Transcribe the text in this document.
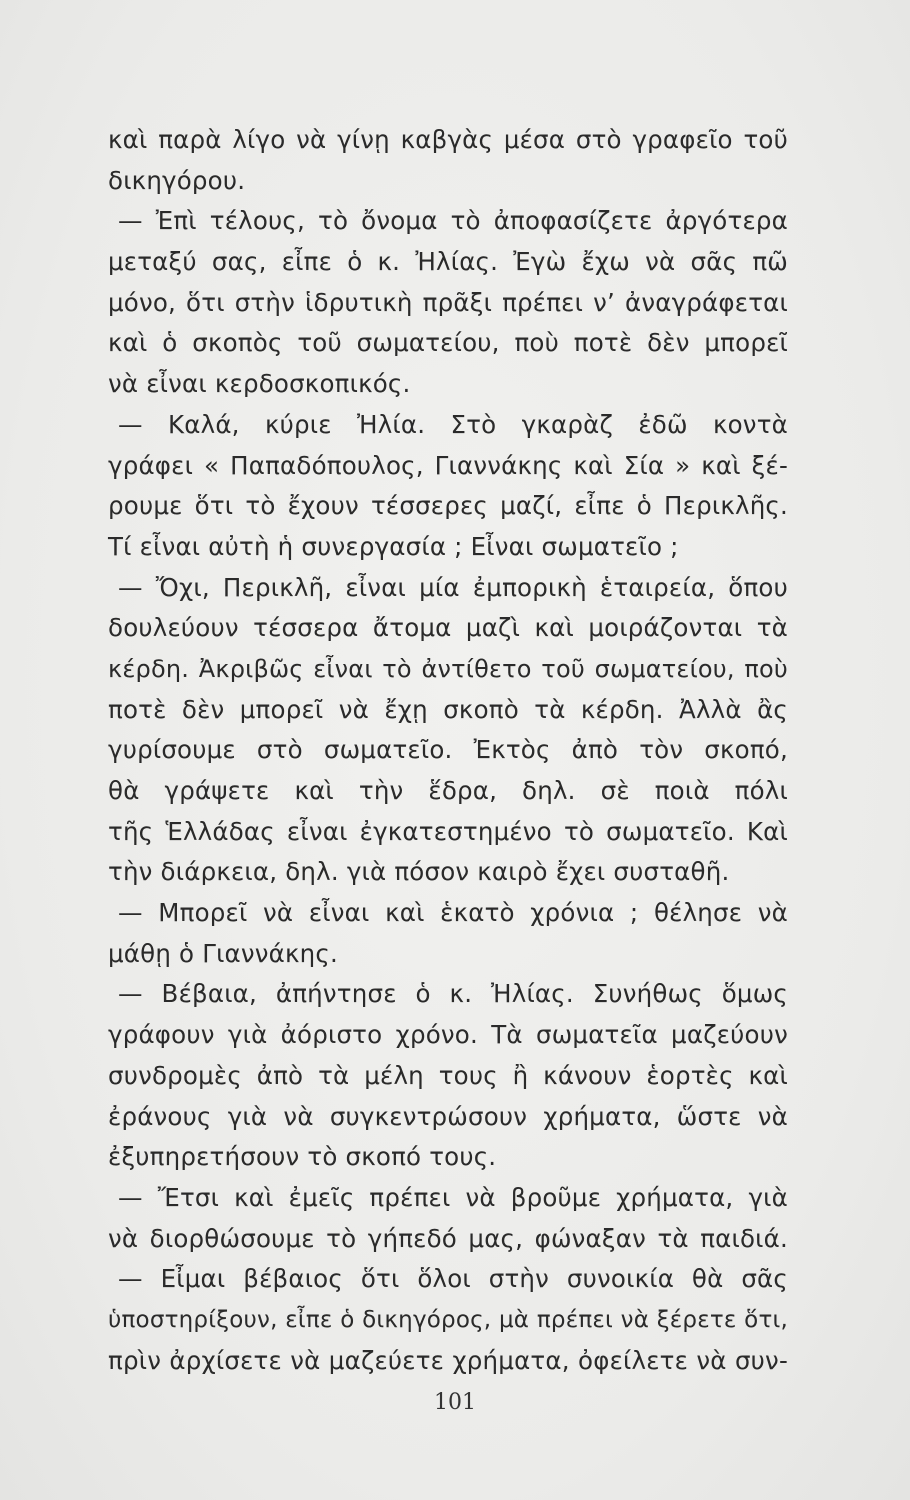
καὶ παρὰ λίγο νὰ γίνῃ καβγὰς μέσα στὸ γραφεῖο τοῦ
δικηγόρου.
— Ἐπὶ τέλους, τὸ ὄνομα τὸ ἀποφασίζετε ἀργότερα
μεταξύ σας, εἶπε ὁ κ. Ἠλίας. Ἐγὼ ἔχω νὰ σᾶς πῶ
μόνο, ὅτι στὴν ἱδρυτικὴ πρᾶξι πρέπει ν’ ἀναγράφεται
καὶ ὁ σκοπὸς τοῦ σωματείου, ποὺ ποτὲ δὲν μπορεῖ
νὰ εἶναι κερδοσκοπικός.
— Καλά, κύριε Ἠλία. Στὸ γκαρὰζ ἐδῶ κοντὰ
γράφει « Παπαδόπουλος, Γιαννάκης καὶ Σία » καὶ ξέ-
ρουμε ὅτι τὸ ἔχουν τέσσερες μαζί, εἶπε ὁ Περικλῆς.
Τί εἶναι αὐτὴ ἡ συνεργασία ; Εἶναι σωματεῖο ;
— Ὄχι, Περικλῆ, εἶναι μία ἐμπορικὴ ἑταιρεία, ὅπου
δουλεύουν τέσσερα ἄτομα μαζὶ καὶ μοιράζονται τὰ
κέρδη. Ἀκριβῶς εἶναι τὸ ἀντίθετο τοῦ σωματείου, ποὺ
ποτὲ δὲν μπορεῖ νὰ ἔχῃ σκοπὸ τὰ κέρδη. Ἀλλὰ ἂς
γυρίσουμε στὸ σωματεῖο. Ἐκτὸς ἀπὸ τὸν σκοπό,
θὰ γράψετε καὶ τὴν ἕδρα, δηλ. σὲ ποιὰ πόλι
τῆς Ἑλλάδας εἶναι ἐγκατεστημένο τὸ σωματεῖο. Καὶ
τὴν διάρκεια, δηλ. γιὰ πόσον καιρὸ ἔχει συσταθῆ.
— Μπορεῖ νὰ εἶναι καὶ ἑκατὸ χρόνια ; θέλησε νὰ
μάθῃ ὁ Γιαννάκης.
— Βέβαια, ἀπήντησε ὁ κ. Ἠλίας. Συνήθως ὅμως
γράφουν γιὰ ἀόριστο χρόνο. Τὰ σωματεῖα μαζεύουν
συνδρομὲς ἀπὸ τὰ μέλη τους ἢ κάνουν ἑορτὲς καὶ
ἐράνους γιὰ νὰ συγκεντρώσουν χρήματα, ὥστε νὰ
ἐξυπηρετήσουν τὸ σκοπό τους.
— Ἔτσι καὶ ἐμεῖς πρέπει νὰ βροῦμε χρήματα, γιὰ
νὰ διορθώσουμε τὸ γήπεδό μας, φώναξαν τὰ παιδιά.
— Εἶμαι βέβαιος ὅτι ὅλοι στὴν συνοικία θὰ σᾶς
ὑποστηρίξουν, εἶπε ὁ δικηγόρος, μὰ πρέπει νὰ ξέρετε ὅτι,
πρὶν ἀρχίσετε νὰ μαζεύετε χρήματα, ὀφείλετε νὰ συν-
101
